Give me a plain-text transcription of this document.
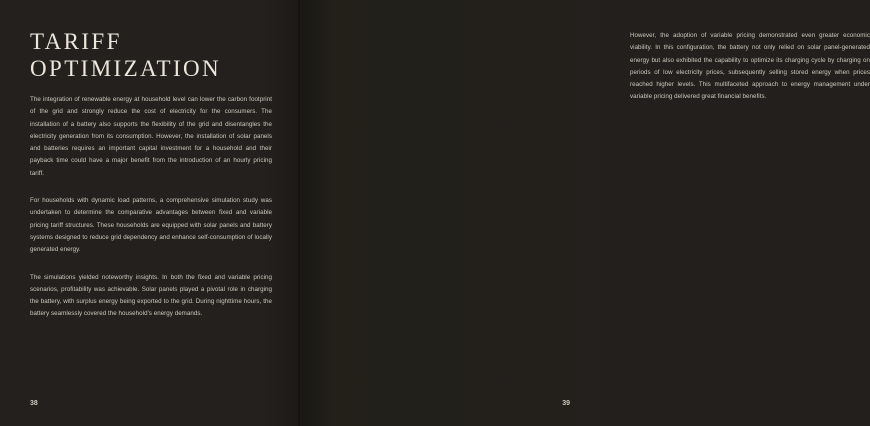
TARIFF
OPTIMIZATION

The integration of renewable energy at household level can lower the carbon footprint of the grid and strongly reduce the cost of electricity for the consumers. The installation of a battery also supports the flexibility of the grid and disentangles the electricity generation from its consumption. However, the installation of solar panels and batteries requires an important capital investment for a household and their payback time could have a major benefit from the introduction of an hourly pricing tariff.

For households with dynamic load patterns, a comprehensive simulation study was undertaken to determine the comparative advantages between fixed and variable pricing tariff structures. These households are equipped with solar panels and battery systems designed to reduce grid dependency and enhance self-consumption of locally generated energy.

The simulations yielded noteworthy insights. In both the fixed and variable pricing scenarios, profitability was achievable. Solar panels played a pivotal role in charging the battery, with surplus energy being exported to the grid. During nighttime hours, the battery seamlessly covered the household's energy demands.

38

However, the adoption of variable pricing demonstrated even greater economic viability. In this configuration, the battery not only relied on solar panel-generated energy but also exhibited the capability to optimize its charging cycle by charging on periods of low electricity prices, subsequently selling stored energy when prices reached higher levels. This multifaceted approach to energy management under variable pricing delivered great financial benefits.

39
